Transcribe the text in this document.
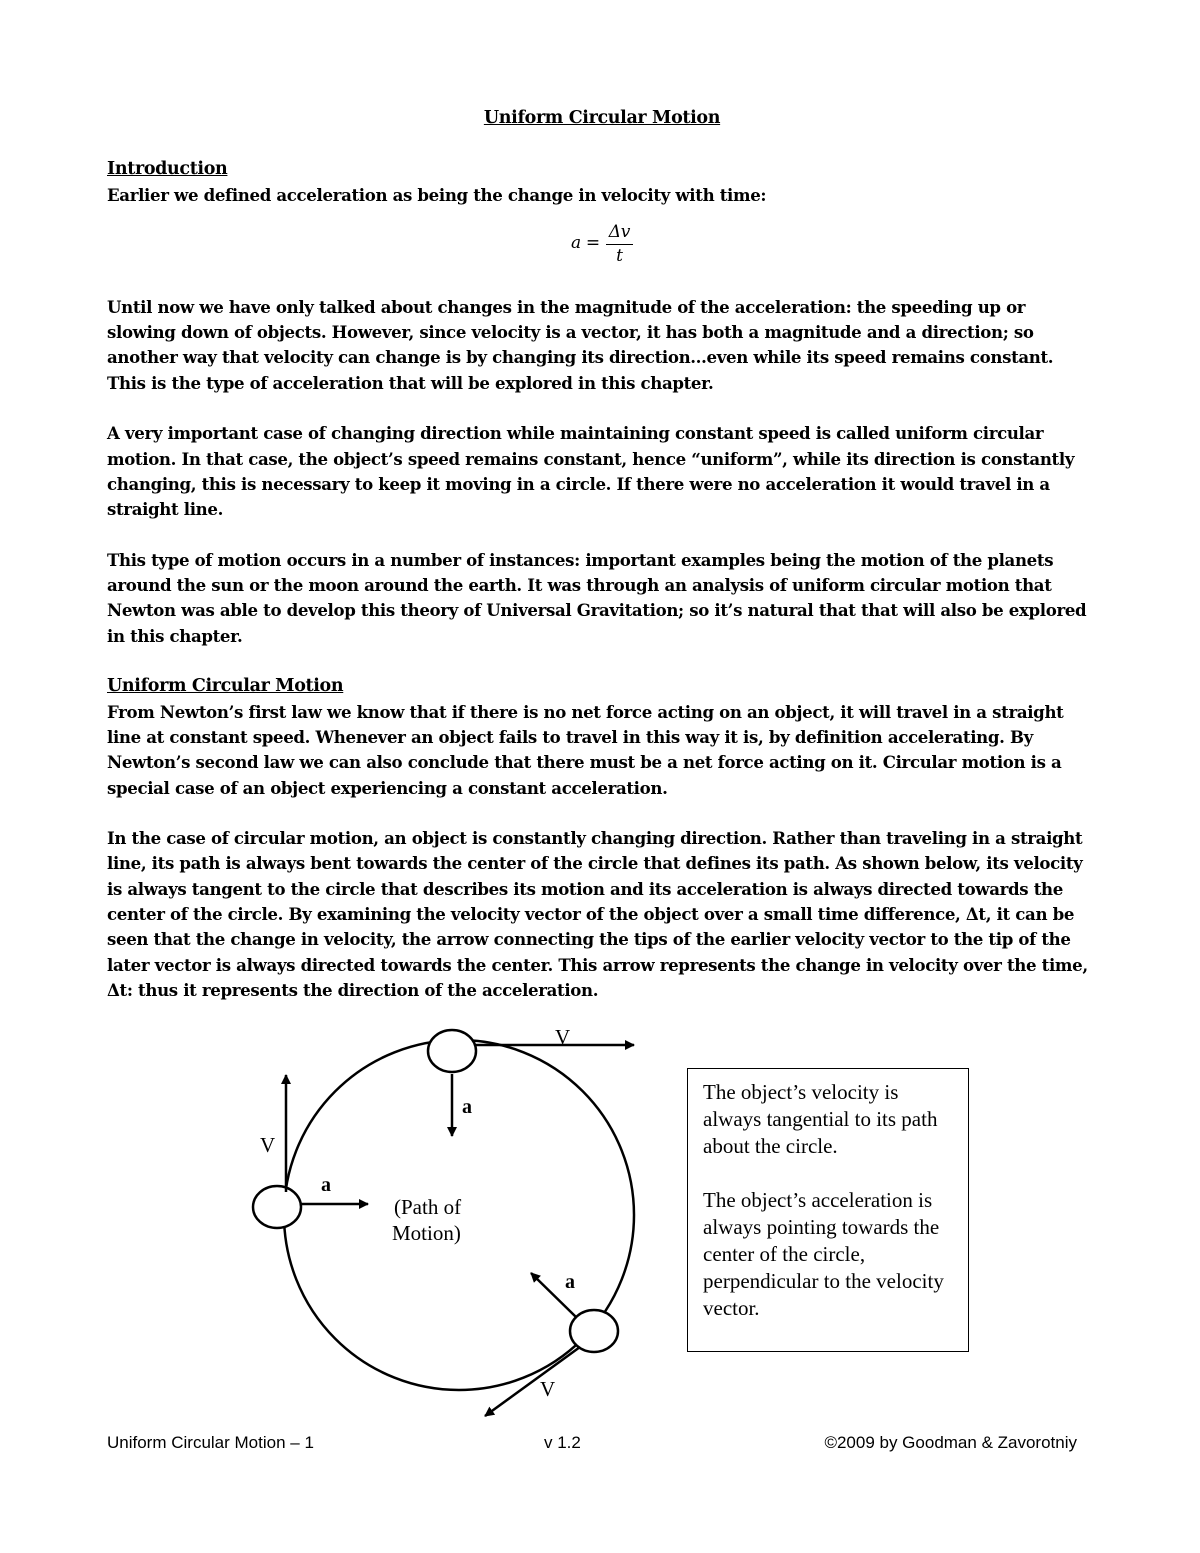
Uniform Circular Motion
Introduction

Earlier we defined acceleration as being the change in velocity with time:

$a = \frac{\Delta v}{t}$

Until now we have only talked about changes in the magnitude of the acceleration: the speeding up or slowing down of objects. However, since velocity is a vector, it has both a magnitude and a direction; so another way that velocity can change is by changing its direction…even while its speed remains constant. This is the type of acceleration that will be explored in this chapter.

A very important case of changing direction while maintaining constant speed is called uniform circular motion. In that case, the object’s speed remains constant, hence “uniform”, while its direction is constantly changing, this is necessary to keep it moving in a circle. If there were no acceleration it would travel in a straight line.

This type of motion occurs in a number of instances: important examples being the motion of the planets around the sun or the moon around the earth. It was through an analysis of uniform circular motion that Newton was able to develop this theory of Universal Gravitation; so it’s natural that that will also be explored in this chapter.

Uniform Circular Motion

From Newton’s first law we know that if there is no net force acting on an object, it will travel in a straight line at constant speed. Whenever an object fails to travel in this way it is, by definition accelerating. By Newton’s second law we can also conclude that there must be a net force acting on it. Circular motion is a special case of an object experiencing a constant acceleration.

In the case of circular motion, an object is constantly changing direction. Rather than traveling in a straight line, its path is always bent towards the center of the circle that defines its path. As shown below, its velocity is always tangent to the circle that describes its motion and its acceleration is always directed towards the center of the circle. By examining the velocity vector of the object over a small time difference, Δt, it can be seen that the change in velocity, the arrow connecting the tips of the earlier velocity vector to the tip of the later vector is always directed towards the center. This arrow represents the change in velocity over the time, Δt: thus it represents the direction of the acceleration.

V
a
V
a
a
V
(Path of
Motion)

The object’s velocity is always tangential to its path about the circle.

The object’s acceleration is always pointing towards the center of the circle, perpendicular to the velocity vector.

Uniform Circular Motion – 1	v 1.2	©2009 by Goodman & Zavorotniy
